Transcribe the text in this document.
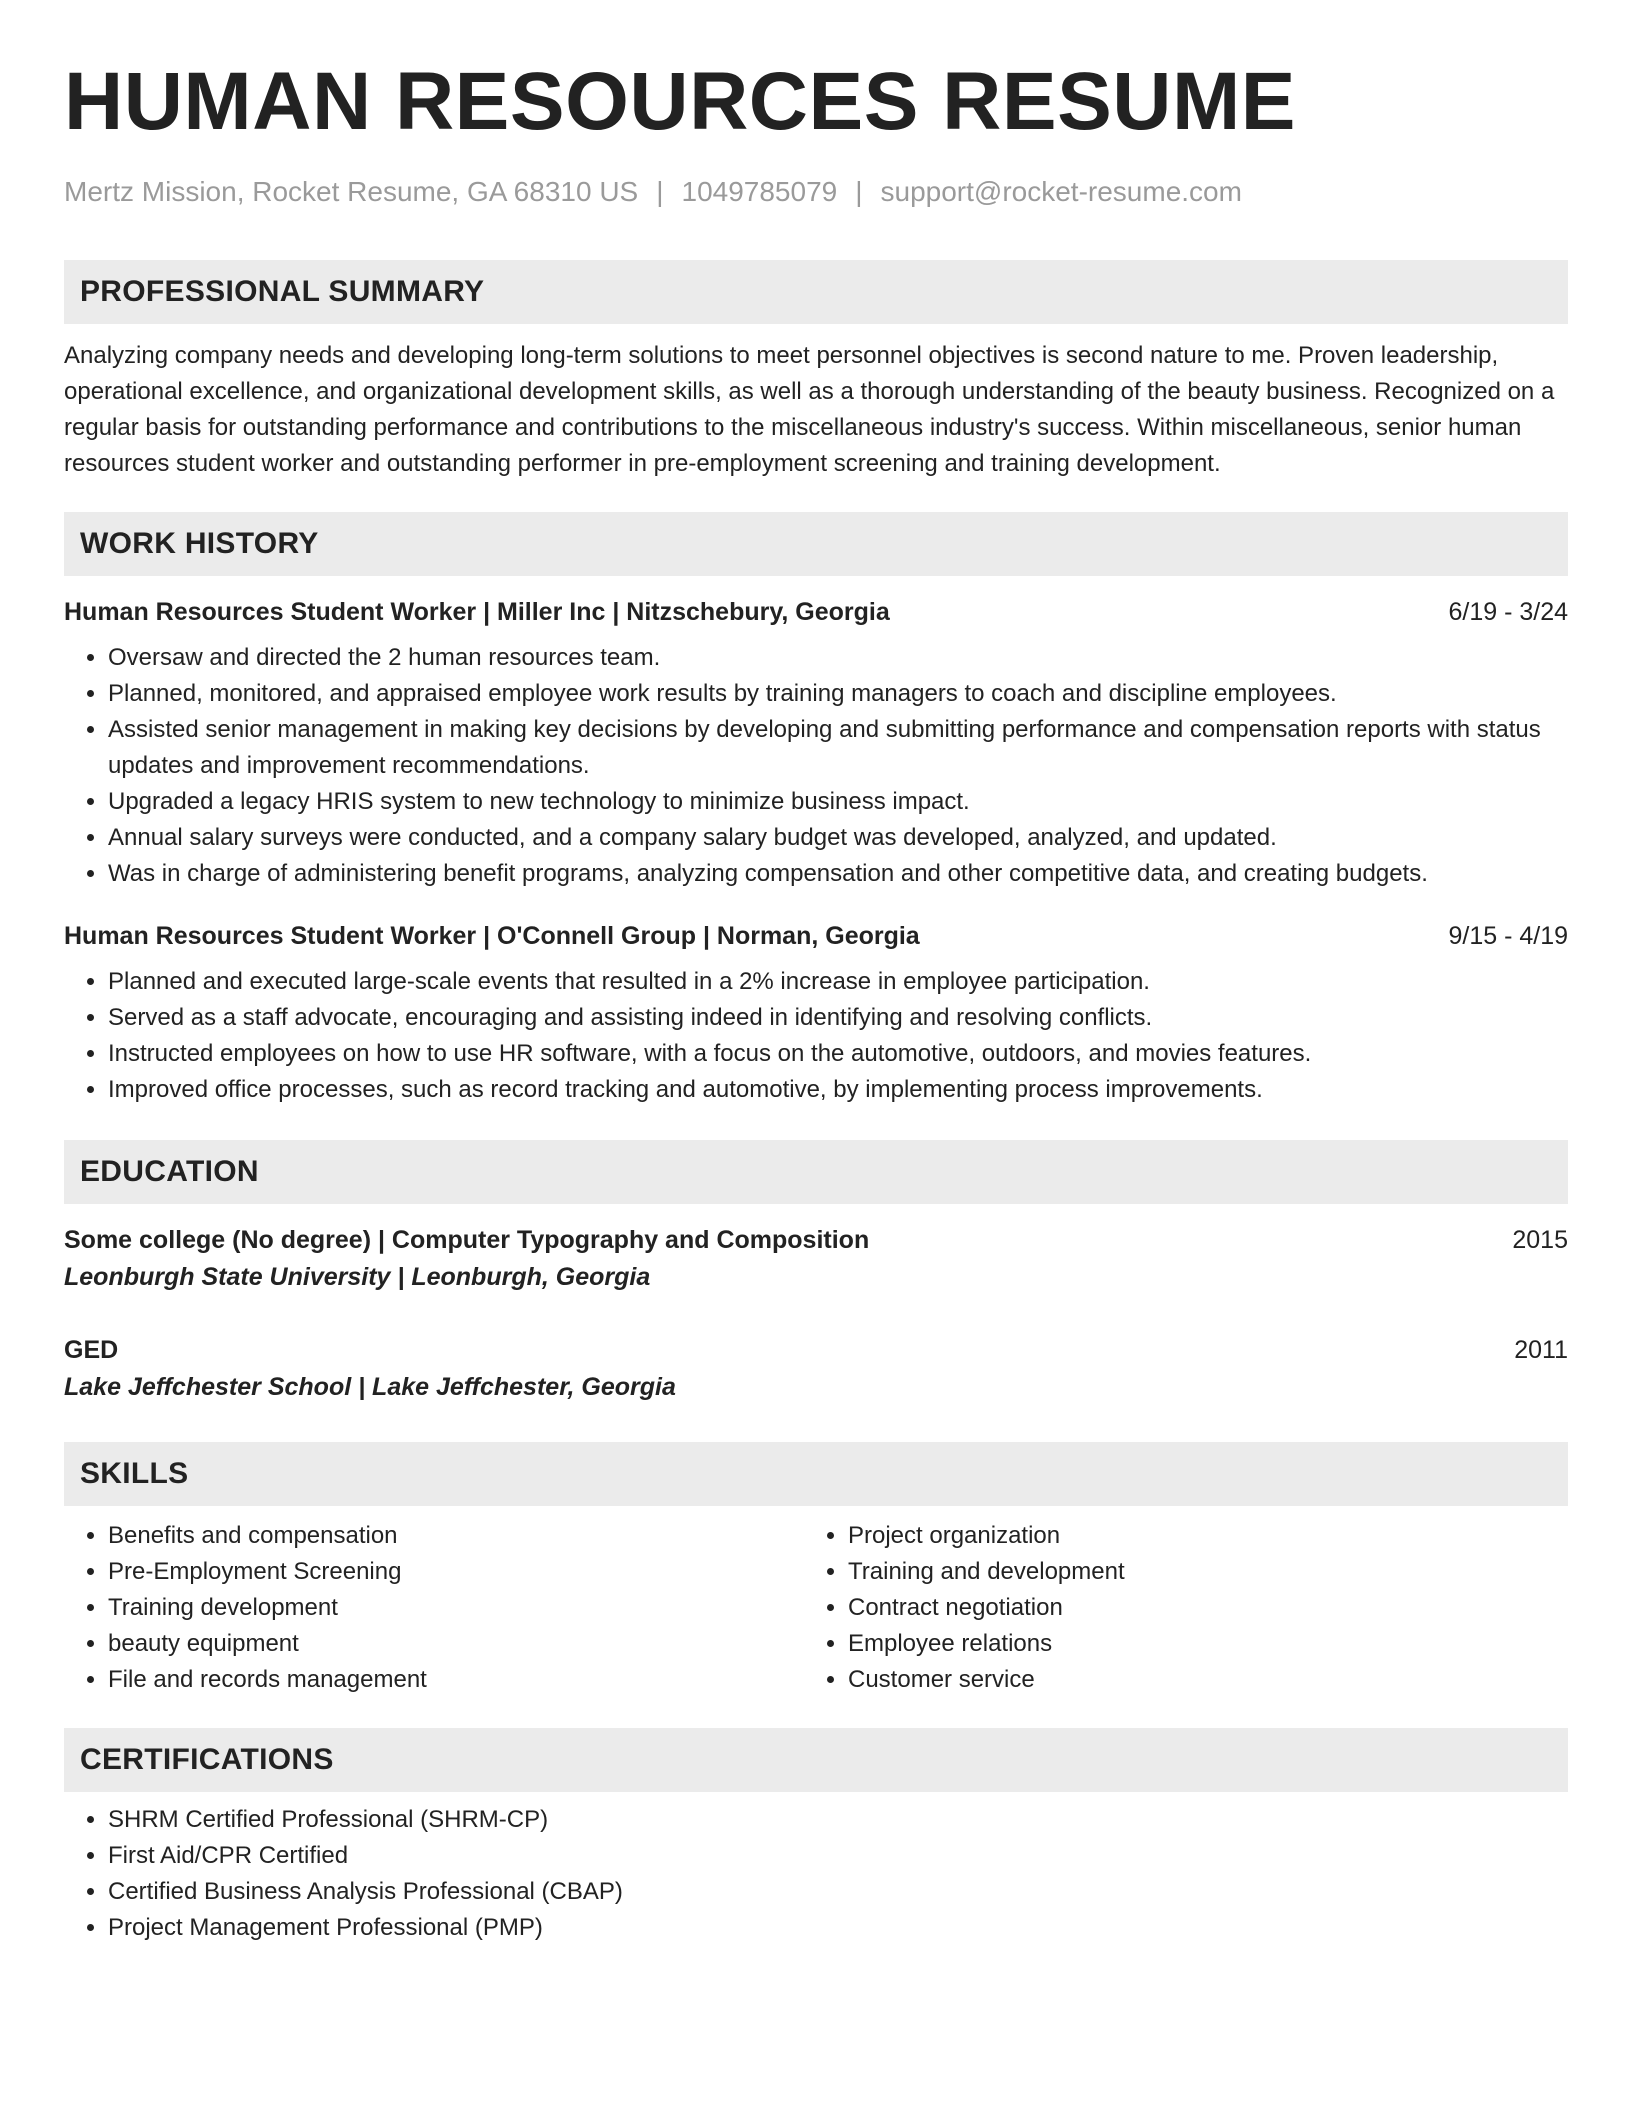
HUMAN RESOURCES RESUME
Mertz Mission, Rocket Resume, GA 68310 US | 1049785079 | support@rocket-resume.com
PROFESSIONAL SUMMARY
Analyzing company needs and developing long-term solutions to meet personnel objectives is second nature to me. Proven leadership, operational excellence, and organizational development skills, as well as a thorough understanding of the beauty business. Recognized on a regular basis for outstanding performance and contributions to the miscellaneous industry's success. Within miscellaneous, senior human resources student worker and outstanding performer in pre-employment screening and training development.
WORK HISTORY
Human Resources Student Worker | Miller Inc | Nitzschebury, Georgia	6/19 - 3/24
• Oversaw and directed the 2 human resources team.
• Planned, monitored, and appraised employee work results by training managers to coach and discipline employees.
• Assisted senior management in making key decisions by developing and submitting performance and compensation reports with status updates and improvement recommendations.
• Upgraded a legacy HRIS system to new technology to minimize business impact.
• Annual salary surveys were conducted, and a company salary budget was developed, analyzed, and updated.
• Was in charge of administering benefit programs, analyzing compensation and other competitive data, and creating budgets.
Human Resources Student Worker | O'Connell Group | Norman, Georgia	9/15 - 4/19
• Planned and executed large-scale events that resulted in a 2% increase in employee participation.
• Served as a staff advocate, encouraging and assisting indeed in identifying and resolving conflicts.
• Instructed employees on how to use HR software, with a focus on the automotive, outdoors, and movies features.
• Improved office processes, such as record tracking and automotive, by implementing process improvements.
EDUCATION
Some college (No degree) | Computer Typography and Composition	2015
Leonburgh State University | Leonburgh, Georgia
GED	2011
Lake Jeffchester School | Lake Jeffchester, Georgia
SKILLS
• Benefits and compensation
• Pre-Employment Screening
• Training development
• beauty equipment
• File and records management
• Project organization
• Training and development
• Contract negotiation
• Employee relations
• Customer service
CERTIFICATIONS
• SHRM Certified Professional (SHRM-CP)
• First Aid/CPR Certified
• Certified Business Analysis Professional (CBAP)
• Project Management Professional (PMP)
